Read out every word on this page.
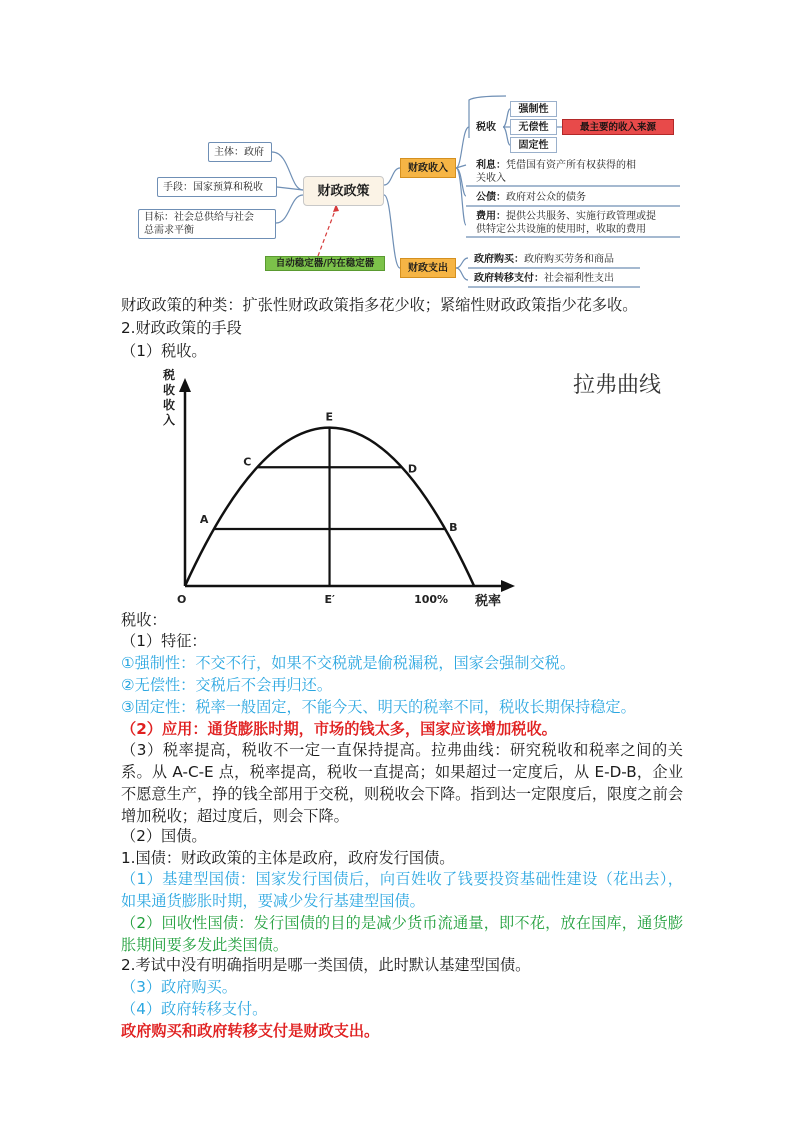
主体：政府
手段：国家预算和税收
目标：社会总供给与社会
总需求平衡
财政政策
自动稳定器/内在稳定器
财政收入
财政支出
税收
强制性
无偿性
固定性
最主要的收入来源
利息：凭借国有资产所有权获得的相
关收入
公债：政府对公众的债务
费用：提供公共服务、实施行政管理或提
供特定公共设施的使用时，收取的费用
政府购买：政府购买劳务和商品
政府转移支付：社会福利性支出
财政政策的种类：扩张性财政政策指多花少收；紧缩性财政政策指少花多收。
2.财政政策的手段
（1）税收。
拉弗曲线
税收收入
A
B
C
D
E
O	E′	100% 税率
税收：
（1）特征：
①强制性：不交不行，如果不交税就是偷税漏税，国家会强制交税。
②无偿性：交税后不会再归还。
③固定性：税率一般固定，不能今天、明天的税率不同，税收长期保持稳定。
（2）应用：通货膨胀时期，市场的钱太多，国家应该增加税收。
（3）税率提高，税收不一定一直保持提高。拉弗曲线：研究税收和税率之间的关系。从 A-C-E 点，税率提高，税收一直提高；如果超过一定度后，从 E-D-B，企业不愿意生产，挣的钱全部用于交税，则税收会下降。指到达一定限度后，限度之前会增加税收；超过度后，则会下降。
（2）国债。
1.国债：财政政策的主体是政府，政府发行国债。
（1）基建型国债：国家发行国债后，向百姓收了钱要投资基础性建设（花出去），如果通货膨胀时期，要减少发行基建型国债。
（2）回收性国债：发行国债的目的是减少货币流通量，即不花，放在国库，通货膨胀期间要多发此类国债。
2.考试中没有明确指明是哪一类国债，此时默认基建型国债。
（3）政府购买。
（4）政府转移支付。
政府购买和政府转移支付是财政支出。
